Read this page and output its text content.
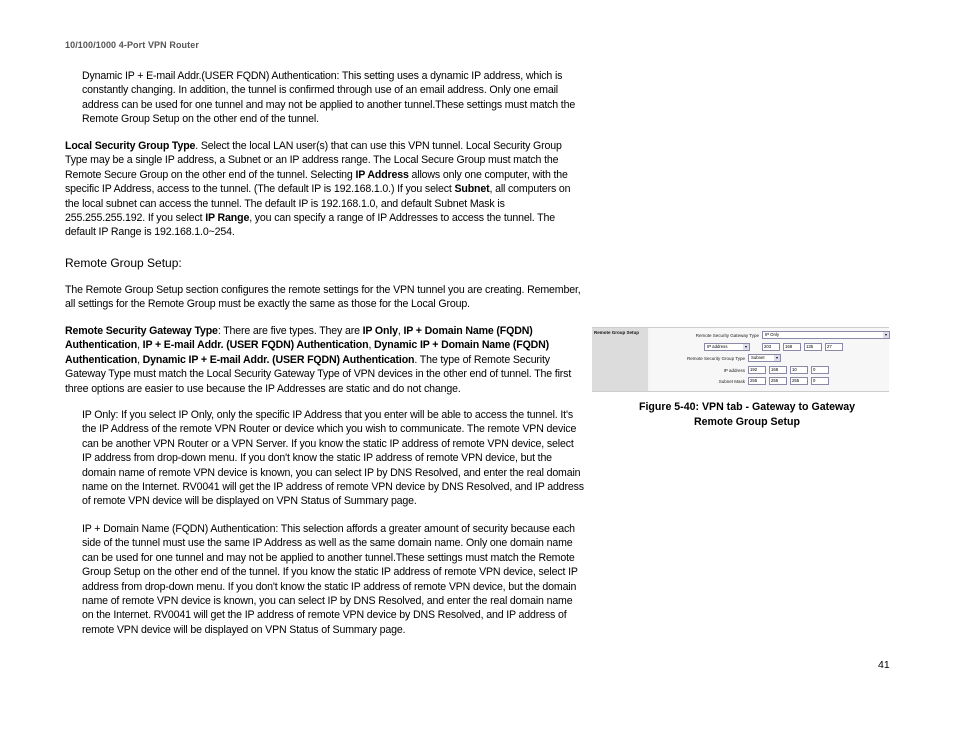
10/100/1000 4-Port VPN Router
Dynamic IP + E-mail Addr.(USER FQDN) Authentication: This setting uses a dynamic IP address, which is constantly changing. In addition, the tunnel is confirmed through use of an email address. Only one email address can be used for one tunnel and may not be applied to another tunnel.These settings must match the Remote Group Setup on the other end of the tunnel.
Local Security Group Type. Select the local LAN user(s) that can use this VPN tunnel. Local Security Group Type may be a single IP address, a Subnet or an IP address range. The Local Secure Group must match the Remote Secure Group on the other end of the tunnel. Selecting IP Address allows only one computer, with the specific IP Address, access to the tunnel. (The default IP is 192.168.1.0.) If you select Subnet, all computers on the local subnet can access the tunnel. The default IP is 192.168.1.0, and default Subnet Mask is 255.255.255.192. If you select IP Range, you can specify a range of IP Addresses to access the tunnel. The default IP Range is 192.168.1.0~254.
Remote Group Setup:
The Remote Group Setup section configures the remote settings for the VPN tunnel you are creating. Remember, all settings for the Remote Group must be exactly the same as those for the Local Group.
Remote Security Gateway Type: There are five types. They are IP Only, IP + Domain Name (FQDN) Authentication, IP + E-mail Addr. (USER FQDN) Authentication, Dynamic IP + Domain Name (FQDN) Authentication, Dynamic IP + E-mail Addr. (USER FQDN) Authentication. The type of Remote Security Gateway Type must match the Local Security Gateway Type of VPN devices in the other end of tunnel. The first three options are easier to use because the IP Addresses are static and do not change.
IP Only: If you select IP Only, only the specific IP Address that you enter will be able to access the tunnel. It's the IP Address of the remote VPN Router or device which you wish to communicate. The remote VPN device can be another VPN Router or a VPN Server. If you know the static IP address of remote VPN device, select IP address from drop-down menu. If you don't know the static IP address of remote VPN device, but the domain name of remote VPN device is known, you can select IP by DNS Resolved, and enter the real domain name on the Internet. RV0041 will get the IP address of remote VPN device by DNS Resolved, and IP address of remote VPN device will be displayed on VPN Status of Summary page.
IP + Domain Name (FQDN) Authentication: This selection affords a greater amount of security because each side of the tunnel must use the same IP Address as well as the same domain name. Only one domain name can be used for one tunnel and may not be applied to another tunnel.These settings must match the Remote Group Setup on the other end of the tunnel. If you know the static IP address of remote VPN device, select IP address from drop-down menu. If you don't know the static IP address of remote VPN device, but the domain name of remote VPN device is known, you can select IP by DNS Resolved, and enter the real domain name on the Internet. RV0041 will get the IP address of remote VPN device by DNS Resolved, and IP address of remote VPN device will be displayed on VPN Status of Summary page.
Remote Group Setup
Remote Security Gateway Type	IP Only	▾
IP address	▾	203	.	168	.	135	.	27
Remote Security Group Type	Subnet	▾
IP address	192	.	168	.	10	.	0
Subnet Mask	255	.	255	.	255	.	0
Figure 5-40: VPN tab - Gateway to Gateway
Remote Group Setup
41
